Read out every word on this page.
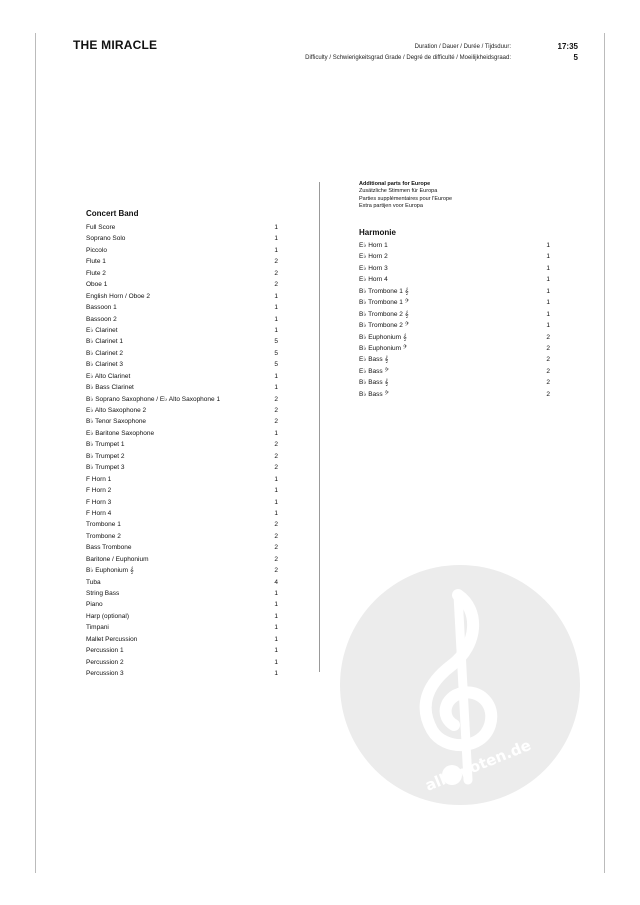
THE MIRACLE	Duration / Dauer / Durée / Tijdsduur:	17:35
Difficulty / Schwierigkeitsgrad Grade / Degré de difficulté / Moeilijkheidsgraad:	5
Concert Band
Full Score	1
Soprano Solo	1
Piccolo	1
Flute 1	2
Flute 2	2
Oboe 1	2
English Horn / Oboe 2	1
Bassoon 1	1
Bassoon 2	1
E♭ Clarinet	1
B♭ Clarinet 1	5
B♭ Clarinet 2	5
B♭ Clarinet 3	5
E♭ Alto Clarinet	1
B♭ Bass Clarinet	1
B♭ Soprano Saxophone / E♭ Alto Saxophone 1	2
E♭ Alto Saxophone 2	2
B♭ Tenor Saxophone	2
E♭ Baritone Saxophone	1
B♭ Trumpet 1	2
B♭ Trumpet 2	2
B♭ Trumpet 3	2
F Horn 1	1
F Horn 2	1
F Horn 3	1
F Horn 4	1
Trombone 1	2
Trombone 2	2
Bass Trombone	2
Baritone / Euphonium	2
B♭ Euphonium 𝄞	2
Tuba	4
String Bass	1
Piano	1
Harp (optional)	1
Timpani	1
Mallet Percussion	1
Percussion 1	1
Percussion 2	1
Percussion 3	1
Additional parts for Europe
Zusätzliche Stimmen für Europa
Parties supplémentaires pour l'Europe
Extra partijen voor Europa
Harmonie
E♭ Horn 1	1
E♭ Horn 2	1
E♭ Horn 3	1
E♭ Horn 4	1
B♭ Trombone 1 𝄞	1
B♭ Trombone 1 𝄢	1
B♭ Trombone 2 𝄞	1
B♭ Trombone 2 𝄢	1
B♭ Euphonium 𝄞	2
B♭ Euphonium 𝄢	2
E♭ Bass 𝄞	2
E♭ Bass 𝄢	2
B♭ Bass 𝄞	2
B♭ Bass 𝄢	2
alle-noten.de
